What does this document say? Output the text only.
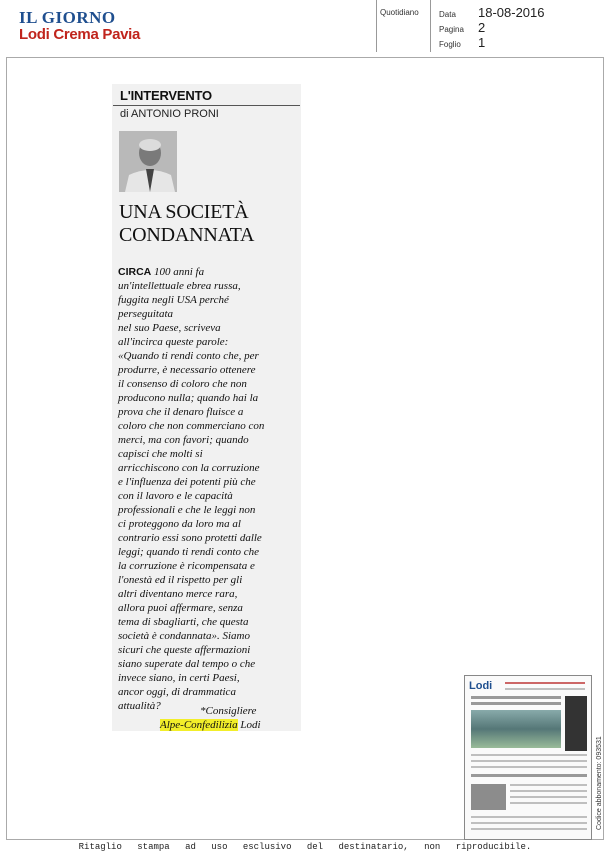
IL GIORNO
Lodi Crema Pavia
Quotidiano	Data 18-08-2016
Pagina 2
Foglio 1
L'INTERVENTO
di ANTONIO PRONI
UNA SOCIETÀ
CONDANNATA
CIRCA 100 anni fa
un'intellettuale ebrea russa,
fuggita negli USA perché
perseguitata
nel suo Paese, scriveva
all'incirca queste parole:
«Quando ti rendi conto che, per
produrre, è necessario ottenere
il consenso di coloro che non
producono nulla; quando hai la
prova che il denaro fluisce a
coloro che non commerciano con
merci, ma con favori; quando
capisci che molti si
arricchiscono con la corruzione
e l'influenza dei potenti più che
con il lavoro e le capacità
professionali e che le leggi non
ci proteggono da loro ma al
contrario essi sono protetti dalle
leggi; quando ti rendi conto che
la corruzione è ricompensata e
l'onestà ed il rispetto per gli
altri diventano merce rara,
allora puoi affermare, senza
tema di sbagliarti, che questa
società è condannata». Siamo
sicuri che queste affermazioni
siano superate dal tempo o che
invece siano, in certi Paesi,
ancor oggi, di drammatica
attualità?	*Consigliere
Alpe-Confedilizia Lodi
Lodi
Codice abbonamento: 093531
Ritaglio stampa ad uso esclusivo del destinatario, non riproducibile.
